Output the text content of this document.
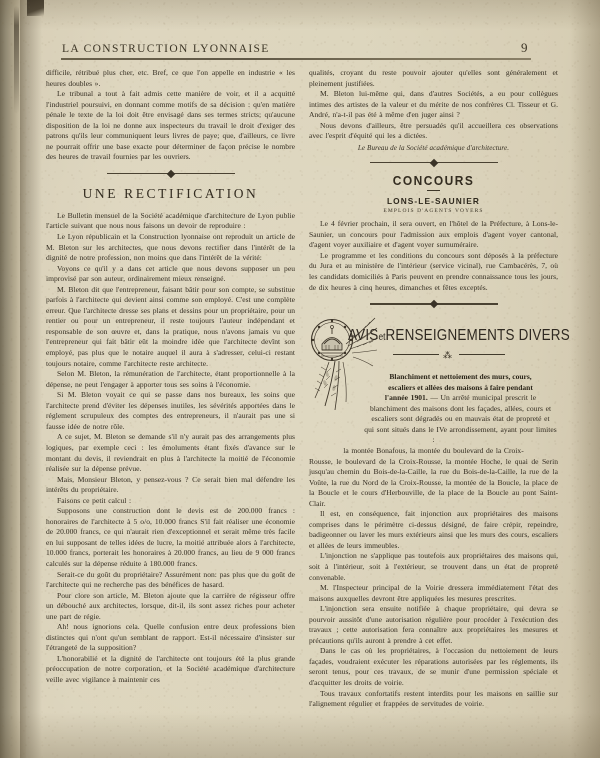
LA CONSTRUCTION LYONNAISE	9

difficile, rétribué plus cher, etc. Bref, ce que l'on appelle en industrie « les heures doubles ».

Le tribunal a tout à fait admis cette manière de voir, et il a acquitté l'industriel poursuivi, en donnant comme motifs de sa décision : qu'en matière pénale le texte de la loi doit être envisagé dans ses termes stricts; qu'aucune disposition de la loi ne donne aux inspecteurs du travail le droit d'exiger des patrons qu'ils leur communiquent leurs livres de paye; que, d'ailleurs, ce livre ne pourrait offrir une base exacte pour déterminer de façon précise le nombre des heures de travail fournies par les ouvriers.

UNE RECTIFICATION

Le Bulletin mensuel de la Société académique d'architecture de Lyon publie l'article suivant que nous nous faisons un devoir de reproduire :

Le Lyon républicain et la Construction lyonnaise ont reproduit un article de M. Bleton sur les architectes, que nous devons rectifier dans l'intérêt de la dignité de notre profession, non moins que dans l'intérêt de la vérité:

Voyons ce qu'il y a dans cet article que nous devons supposer un peu improvisé par son auteur, ordinairement mieux renseigné.

M. Bleton dit que l'entrepreneur, faisant bâtir pour son compte, se substitue parfois à l'architecte qui devient ainsi comme son employé. C'est une complète erreur. Que l'architecte dresse ses plans et dessins pour un propriétaire, pour un rentier ou pour un entrepreneur, il reste toujours l'auteur indépendant et responsable de son œuvre et, dans la pratique, nous n'avons jamais vu que l'entrepreneur qui fait bâtir eût la moindre idée que l'architecte devînt son employé, pas plus que le notaire auquel il aura à s'adresser, celui-ci restant toujours notaire, comme l'architecte reste architecte.

Selon M. Bleton, la rémunération de l'architecte, étant proportionnelle à la dépense, ne peut l'engager à apporter tous ses soins à l'économie.

Si M. Bleton voyait ce qui se passe dans nos bureaux, les soins que l'architecte prend d'éviter les dépenses inutiles, les sévérités apportées dans le réglement scrupuleux des comptes des entrepreneurs, il n'aurait pas une si fausse idée de notre rôle.

A ce sujet, M. Bleton se demande s'il n'y aurait pas des arrangements plus logiques, par exemple ceci : les émoluments étant fixés d'avance sur le montant du devis, il reviendrait en plus à l'architecte la moitié de l'économie réalisée sur la dépense prévue.

Mais, Monsieur Bleton, y pensez-vous ? Ce serait bien mal défendre les intérêts du propriétaire.

Faisons ce petit calcul :

Supposons une construction dont le devis est de 200.000 francs : honoraires de l'architecte à 5 o/o, 10.000 francs S'il fait réaliser une économie de 20.000 francs, ce qui n'aurait rien d'exceptionnel et serait même très facile en lui supposant de telles idées de lucre, la moitié attribuée alors à l'architecte, 10.000 francs, porterait les honoraires à 20.000 francs, au lieu de 9 000 francs calculés sur la dépense réduite à 180.000 francs.

Serait-ce du goût du propriétaire? Assurément non: pas plus que du goût de l'architecte qui ne recherche pas des bénéfices de hasard.

Pour clore son article, M. Bleton ajoute que la carrière de régisseur offre un débouché aux architectes, lorsque, dit-il, ils sont assez riches pour acheter une part de régie.

Ah! nous ignorions cela. Quelle confusion entre deux professions bien distinctes qui n'ont qu'un semblant de rapport. Est-il nécessaire d'insister sur l'étrangeté de la supposition?

L'honorabilié et la dignité de l'architecte ont toujours été la plus grande préoccupation de notre corporation, et la Société académique d'architecture veille avec vigilance à maintenir ces

qualités, croyant du reste pouvoir ajouter qu'elles sont généralement et pleinement justifiées.

M. Bleton lui-même qui, dans d'autres Sociétés, a eu pour collègues intimes des artistes de la valeur et du mérite de nos confrères Cl. Tisseur et G. André, n'a-t-il pas été à même d'en juger ainsi ?

Nous devons d'ailleurs, être persuadés qu'il accueillera ces observations avec l'esprit d'équité qui les a dictées.

Le Bureau de la Société académique d'architecture.

CONCOURS
LONS-LE-SAUNIER
EMPLOIS D'AGENTS VOYERS

Le 4 février prochain, il sera ouvert, en l'hôtel de la Préfecture, à Lons-le-Saunier, un concours pour l'admission aux emplois d'agent voyer cantonal, d'agent voyer auxiliaire et d'agent voyer surnuméraire.

Le programme et les conditions du concours sont déposés à la préfecture du Jura et au ministère de l'intérieur (service vicinal), rue Cambacérès, 7, où les candidats domiciliés à Paris peuvent en prendre connaissance tous les jours, de dix heures à cinq heures, dimanches et fêtes exceptés.

AVISetRENSEIGNEMENTS DIVERS
⁂

Blanchiment et nettoiement des murs, cours,

escaliers et allées des maisons à faire pendant

l'année 1901. — Un arrêté municipal prescrit le

blanchiment des maisons dont les façades, allées, cours et

escaliers sont dégradés ou en mauvais état de propreté et

qui sont situés dans le IVe arrondissement, ayant pour limites :

la montée Bonafous, la montée du boulevard de la Croix-

Rousse, le boulevard de la Croix-Rousse, la montée Hoche, le quai de Serin jusqu'au chemin du Bois-de-la-Caille, la rue du Bois-de-la-Caille, la rue de la Voûte, la rue du Nord de la Croix-Rousse, la montée de la Boucle, la place de la Boucle et le cours d'Herbouville, de la place de la Boucle au pont Saint-Clair.

Il est, en conséquence, fait injonction aux propriétaires des maisons comprises dans le périmètre ci-dessus désigné, de faire crépir, repeindre, badigeonner ou laver les murs extérieurs ainsi que les murs des cours, escaliers et allées de leurs immeubles.

L'injonction ne s'applique pas toutefois aux propriétaires des maisons qui, soit à l'intérieur, soit à l'extérieur, se trouvent dans un état de propreté convenable.

M. l'Inspecteur principal de la Voirie dressera immédiatement l'état des maisons auxquelles devront être appliquées les mesures prescrites.

L'injonction sera ensuite notifiée à chaque propriétaire, qui devra se pourvoir aussitôt d'une autorisation régulière pour procéder à l'exécution des travaux ; cette autorisation fera connaître aux propriétaires les mesures et précautions qu'ils auront à prendre à cet effet.

Dans le cas où les propriétaires, à l'occasion du nettoiement de leurs façades, voudraient exécuter les réparations autorisées par les réglements, ils seront tenus, pour ces travaux, de se munir d'une permission spéciale et d'acquitter les droits de voirie.

Tous travaux confortatifs restent interdits pour les maisons en saillie sur l'alignement régulier et frappées de servitudes de voirie.
